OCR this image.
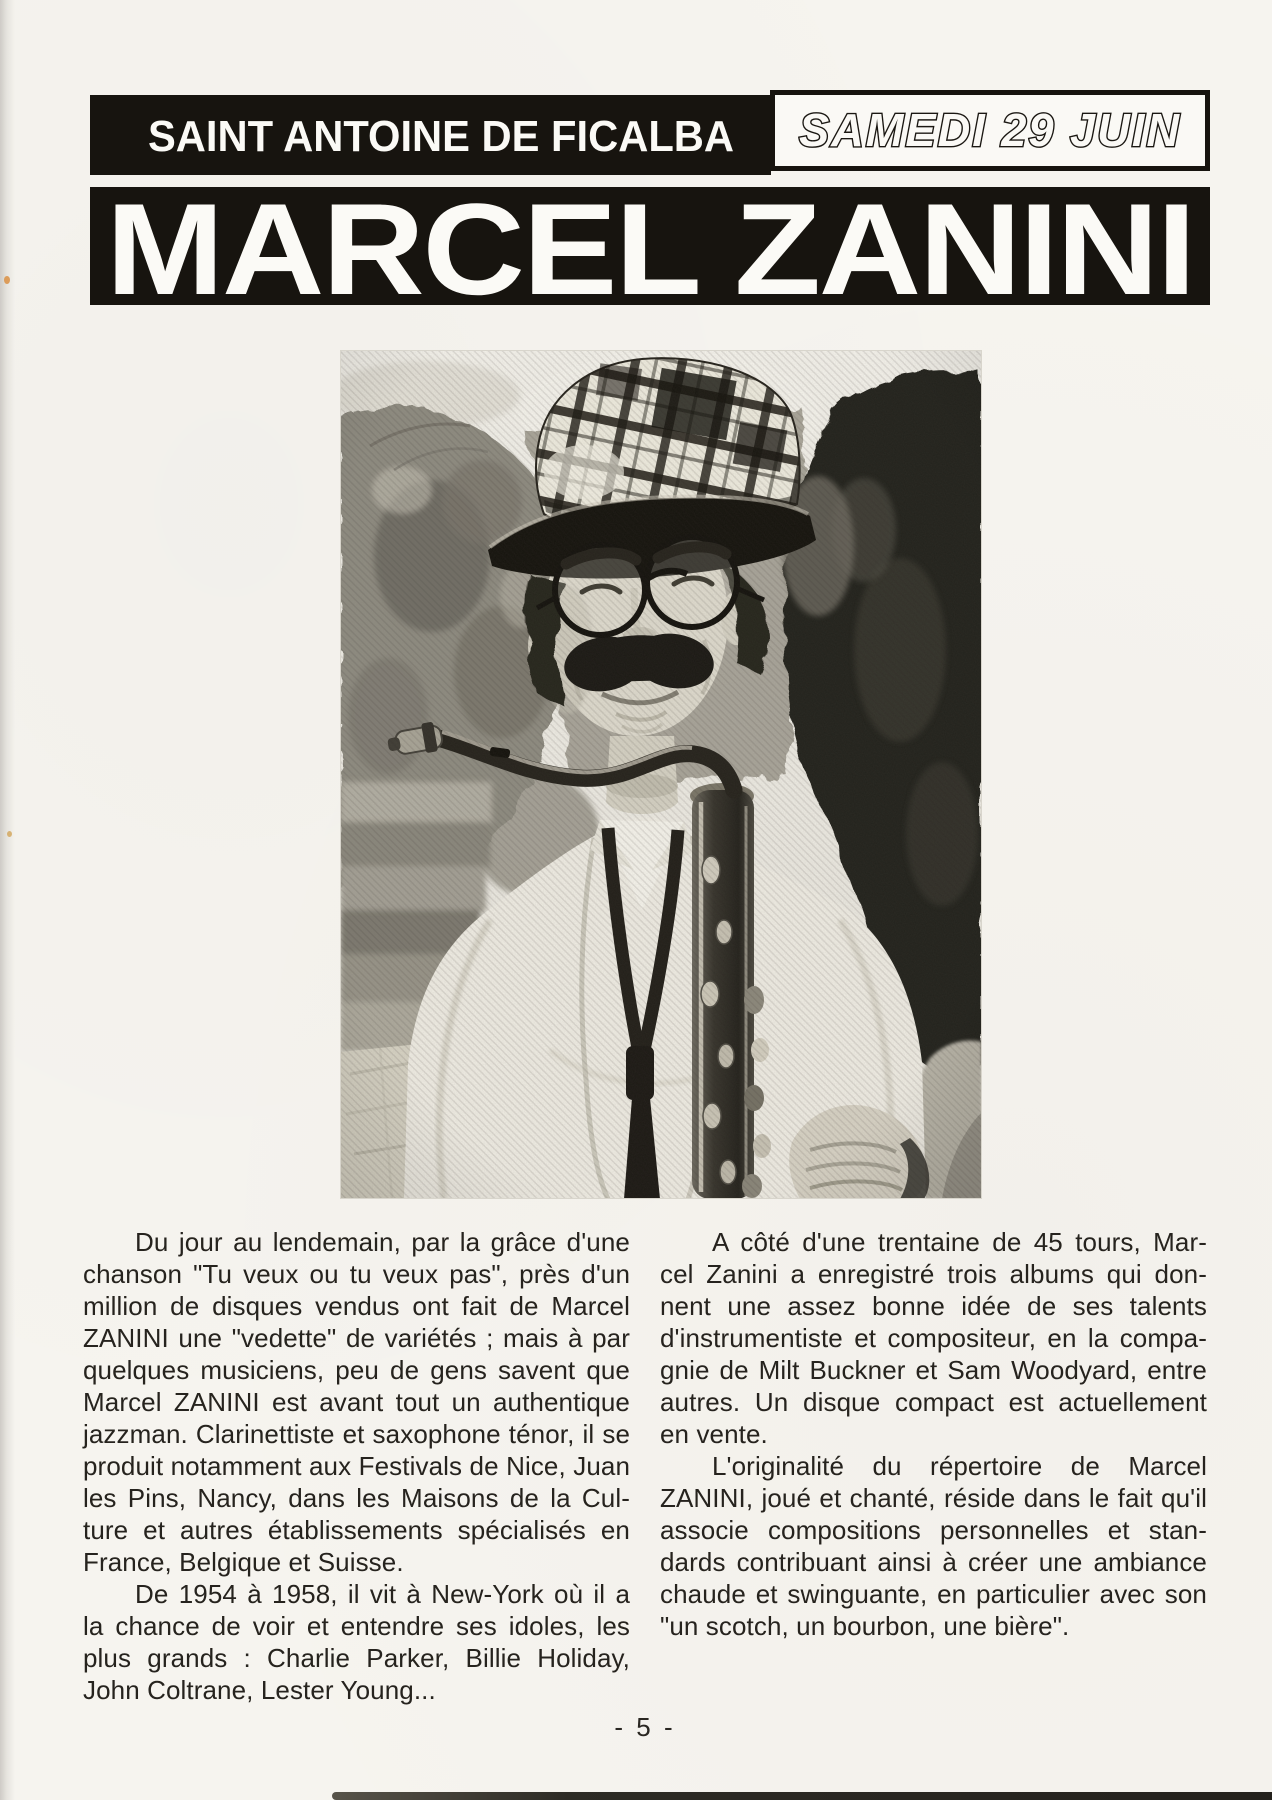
SAINT ANTOINE DE FICALBA SAMEDI 29 JUIN
MARCEL ZANINI
Du jour au lendemain, par la grâce d'une
chanson "Tu veux ou tu veux pas", près d'un
million de disques vendus ont fait de Marcel
ZANINI une "vedette" de variétés ; mais à par
quelques musiciens, peu de gens savent que
Marcel ZANINI est avant tout un authentique
jazzman. Clarinettiste et saxophone ténor, il se
produit notamment aux Festivals de Nice, Juan
les Pins, Nancy, dans les Maisons de la Cul-
ture et autres établissements spécialisés en
France, Belgique et Suisse.
De 1954 à 1958, il vit à New-York où il a
la chance de voir et entendre ses idoles, les
plus grands : Charlie Parker, Billie Holiday,
John Coltrane, Lester Young...
A côté d'une trentaine de 45 tours, Mar-
cel Zanini a enregistré trois albums qui don-
nent une assez bonne idée de ses talents
d'instrumentiste et compositeur, en la compa-
gnie de Milt Buckner et Sam Woodyard, entre
autres. Un disque compact est actuellement
en vente.
L'originalité du répertoire de Marcel
ZANINI, joué et chanté, réside dans le fait qu'il
associe compositions personnelles et stan-
dards contribuant ainsi à créer une ambiance
chaude et swinguante, en particulier avec son
"un scotch, un bourbon, une bière".
- 5 -
